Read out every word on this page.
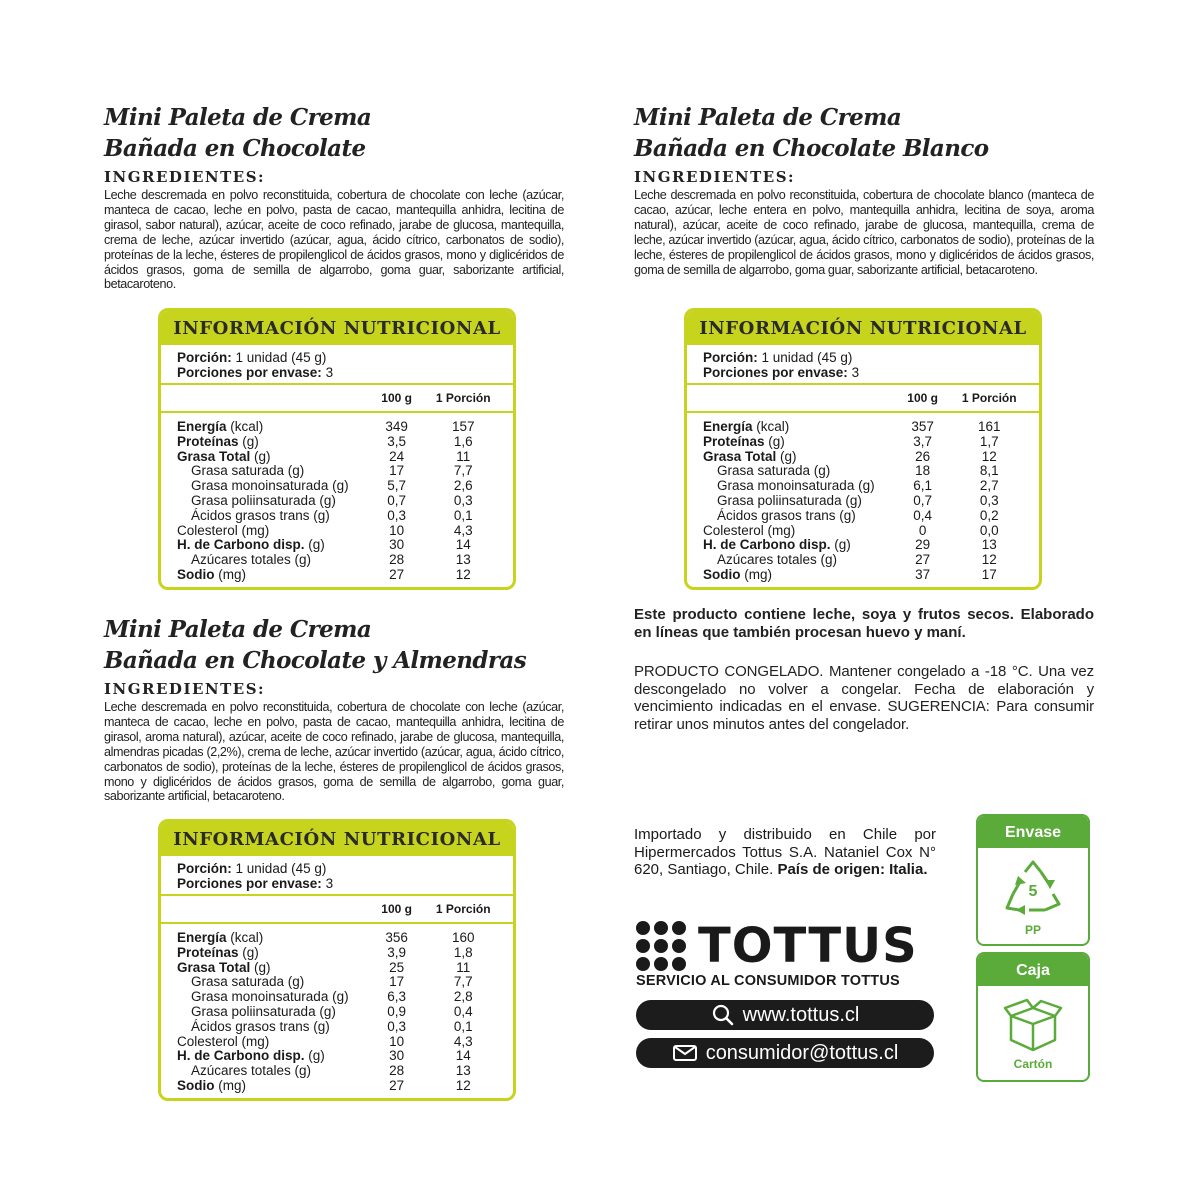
Mini Paleta de Crema
Bañada en Chocolate
INGREDIENTES:

Leche descremada en polvo reconstituida, cobertura de chocolate con leche (azúcar, manteca de cacao, leche en polvo, pasta de cacao, mantequilla anhidra, lecitina de girasol, sabor natural), azúcar, aceite de coco refinado, jarabe de glucosa, mantequilla, crema de leche, azúcar invertido (azúcar, agua, ácido cítrico, carbonatos de sodio), proteínas de la leche, ésteres de propilenglicol de ácidos grasos, mono y diglicéridos de ácidos grasos, goma de semilla de algarrobo, goma guar, saborizante artificial, betacaroteno.

INFORMACIÓN NUTRICIONAL
Porción: 1 unidad (45 g)
Porciones por envase: 3
100 g	1 Porción
Energía (kcal)	349	157
Proteínas (g)	3,5	1,6
Grasa Total (g)	24	11
Grasa saturada (g)	17	7,7
Grasa monoinsaturada (g)	5,7	2,6
Grasa poliinsaturada (g)	0,7	0,3
Ácidos grasos trans (g)	0,3	0,1
Colesterol (mg)	10	4,3
H. de Carbono disp. (g)	30	14
Azúcares totales (g)	28	13
Sodio (mg)	27	12
Mini Paleta de Crema
Bañada en Chocolate Blanco
INGREDIENTES:

Leche descremada en polvo reconstituida, cobertura de chocolate blanco (manteca de cacao, azúcar, leche entera en polvo, mantequilla anhidra, lecitina de soya, aroma natural), azúcar, aceite de coco refinado, jarabe de glucosa, mantequilla, crema de leche, azúcar invertido (azúcar, agua, ácido cítrico, carbonatos de sodio), proteínas de la leche, ésteres de propilenglicol de ácidos grasos, mono y diglicéridos de ácidos grasos, goma de semilla de algarrobo, goma guar, saborizante artificial, betacaroteno.

INFORMACIÓN NUTRICIONAL
Porción: 1 unidad (45 g)
Porciones por envase: 3
100 g	1 Porción
Energía (kcal)	357	161
Proteínas (g)	3,7	1,7
Grasa Total (g)	26	12
Grasa saturada (g)	18	8,1
Grasa monoinsaturada (g)	6,1	2,7
Grasa poliinsaturada (g)	0,7	0,3
Ácidos grasos trans (g)	0,4	0,2
Colesterol (mg)	0	0,0
H. de Carbono disp. (g)	29	13
Azúcares totales (g)	27	12
Sodio (mg)	37	17
Mini Paleta de Crema
Bañada en Chocolate y Almendras
INGREDIENTES:

Leche descremada en polvo reconstituida, cobertura de chocolate con leche (azúcar, manteca de cacao, leche en polvo, pasta de cacao, mantequilla anhidra, lecitina de girasol, aroma natural), azúcar, aceite de coco refinado, jarabe de glucosa, mantequilla, almendras picadas (2,2%), crema de leche, azúcar invertido (azúcar, agua, ácido cítrico, carbonatos de sodio), proteínas de la leche, ésteres de propilenglicol de ácidos grasos, mono y diglicéridos de ácidos grasos, goma de semilla de algarrobo, goma guar, saborizante artificial, betacaroteno.

INFORMACIÓN NUTRICIONAL
Porción: 1 unidad (45 g)
Porciones por envase: 3
100 g	1 Porción
Energía (kcal)	356	160
Proteínas (g)	3,9	1,8
Grasa Total (g)	25	11
Grasa saturada (g)	17	7,7
Grasa monoinsaturada (g)	6,3	2,8
Grasa poliinsaturada (g)	0,9	0,4
Ácidos grasos trans (g)	0,3	0,1
Colesterol (mg)	10	4,3
H. de Carbono disp. (g)	30	14
Azúcares totales (g)	28	13
Sodio (mg)	27	12
Este producto contiene leche, soya y frutos secos. Elaborado en líneas que también procesan huevo y maní.
PRODUCTO CONGELADO. Mantener congelado a -18 °C. Una vez descongelado no volver a congelar. Fecha de elaboración y vencimiento indicadas en el envase. SUGERENCIA: Para consumir retirar unos minutos antes del congelador.
Importado y distribuido en Chile por Hipermercados Tottus S.A. Nataniel Cox N° 620, Santiago, Chile. País de origen: Italia.
TOTTUS
SERVICIO AL CONSUMIDOR TOTTUS
www.tottus.cl
consumidor@tottus.cl
Envase
5
PP
Caja
Cartón
